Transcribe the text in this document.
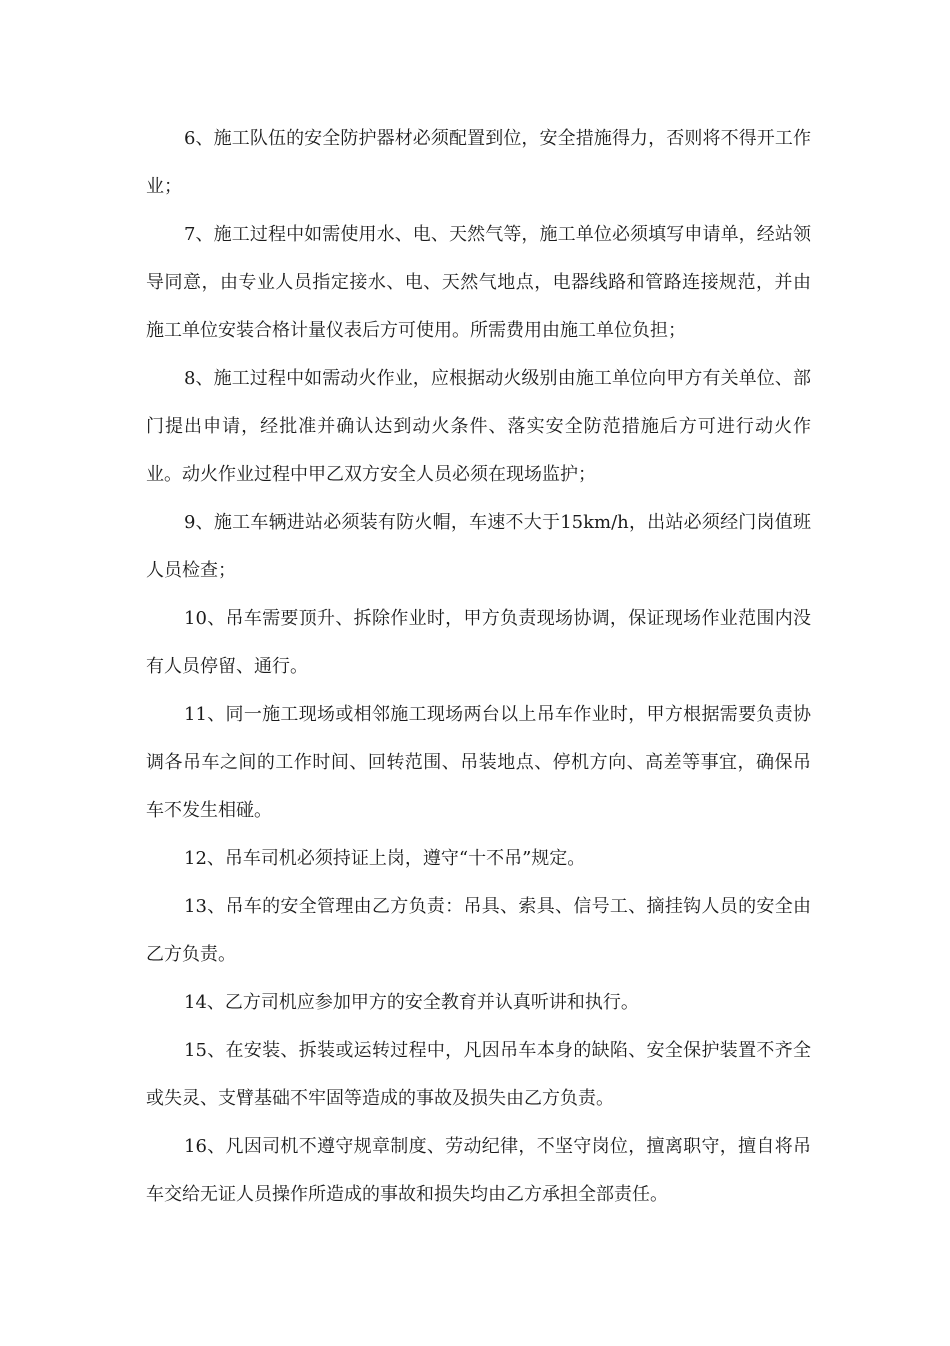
6、施工队伍的安全防护器材必须配置到位，安全措施得力，否则将不得开工作业；

7、施工过程中如需使用水、电、天然气等，施工单位必须填写申请单，经站领导同意，由专业人员指定接水、电、天然气地点，电器线路和管路连接规范，并由施工单位安装合格计量仪表后方可使用。所需费用由施工单位负担；

8、施工过程中如需动火作业，应根据动火级别由施工单位向甲方有关单位、部门提出申请，经批准并确认达到动火条件、落实安全防范措施后方可进行动火作业。动火作业过程中甲乙双方安全人员必须在现场监护；

9、施工车辆进站必须装有防火帽，车速不大于15km/h，出站必须经门岗值班人员检查；

10、吊车需要顶升、拆除作业时，甲方负责现场协调，保证现场作业范围内没有人员停留、通行。

11、同一施工现场或相邻施工现场两台以上吊车作业时，甲方根据需要负责协调各吊车之间的工作时间、回转范围、吊装地点、停机方向、高差等事宜，确保吊车不发生相碰。

12、吊车司机必须持证上岗，遵守“十不吊”规定。

13、吊车的安全管理由乙方负责：吊具、索具、信号工、摘挂钩人员的安全由乙方负责。

14、乙方司机应参加甲方的安全教育并认真听讲和执行。

15、在安装、拆装或运转过程中，凡因吊车本身的缺陷、安全保护装置不齐全或失灵、支臂基础不牢固等造成的事故及损失由乙方负责。

16、凡因司机不遵守规章制度、劳动纪律，不坚守岗位，擅离职守，擅自将吊车交给无证人员操作所造成的事故和损失均由乙方承担全部责任。
